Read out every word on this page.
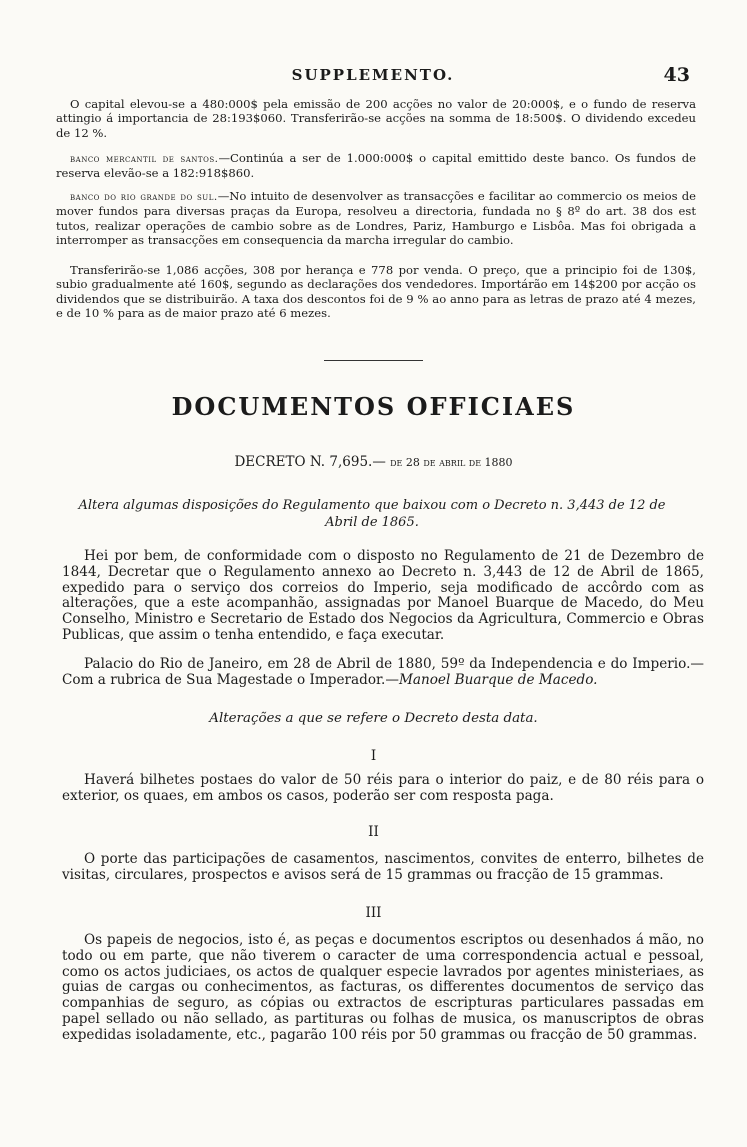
SUPPLEMENTO.	43

O capital elevou-se a 480:000$ pela emissão de 200 acções no valor de 20:000$, e o fundo de reserva attingio á importancia de 28:193$060. Transferirão-se acções na somma de 18:500$. O dividendo excedeu de 12 %.

banco mercantil de santos.—Continúa a ser de 1.000:000$ o capital emittido deste banco. Os fundos de reserva elevão-se a 182:918$860.

banco do rio grande do sul.—No intuito de desenvolver as transacções e facilitar ao commercio os meios de mover fundos para diversas praças da Europa, resolveu a directoria, fundada no § 8º do art. 38 dos est tutos, realizar operações de cambio sobre as de Londres, Pariz, Hamburgo e Lisbôa. Mas foi obrigada a interromper as transacções em consequencia da marcha irregular do cambio.

Transferirão-se 1,086 acções, 308 por herança e 778 por venda. O preço, que a principio foi de 130$, subio gradualmente até 160$, segundo as declarações dos vendedores. Importárão em 14$200 por acção os dividendos que se distribuirão. A taxa dos descontos foi de 9 % ao anno para as letras de prazo até 4 mezes, e de 10 % para as de maior prazo até 6 mezes.

DOCUMENTOS OFFICIAES
DECRETO N. 7,695.— de 28 de abril de 1880
Altera algumas disposições do Regulamento que baixou com o Decreto n. 3,443 de 12 de Abril de 1865.

Hei por bem, de conformidade com o disposto no Regulamento de 21 de Dezembro de 1844, Decretar que o Regulamento annexo ao Decreto n. 3,443 de 12 de Abril de 1865, expedido para o serviço dos correios do Imperio, seja modificado de accôrdo com as alterações, que a este acompanhão, assignadas por Manoel Buarque de Macedo, do Meu Conselho, Ministro e Secretario de Estado dos Negocios da Agricultura, Commercio e Obras Publicas, que assim o tenha entendido, e faça executar.

Palacio do Rio de Janeiro, em 28 de Abril de 1880, 59º da Independencia e do Imperio.—Com a rubrica de Sua Magestade o Imperador.—Manoel Buarque de Macedo.

Alterações a que se refere o Decreto desta data.
I

Haverá bilhetes postaes do valor de 50 réis para o interior do paiz, e de 80 réis para o exterior, os quaes, em ambos os casos, poderão ser com resposta paga.

II

O porte das participações de casamentos, nascimentos, convites de enterro, bilhetes de visitas, circulares, prospectos e avisos será de 15 grammas ou fracção de 15 grammas.

III

Os papeis de negocios, isto é, as peças e documentos escriptos ou desenhados á mão, no todo ou em parte, que não tiverem o caracter de uma correspondencia actual e pessoal, como os actos judiciaes, os actos de qualquer especie lavrados por agentes ministeriaes, as guias de cargas ou conhecimentos, as facturas, os differentes documentos de serviço das companhias de seguro, as cópias ou extractos de escripturas particulares passadas em papel sellado ou não sellado, as partituras ou folhas de musica, os manuscriptos de obras expedidas isoladamente, etc., pagarão 100 réis por 50 grammas ou fracção de 50 grammas.
